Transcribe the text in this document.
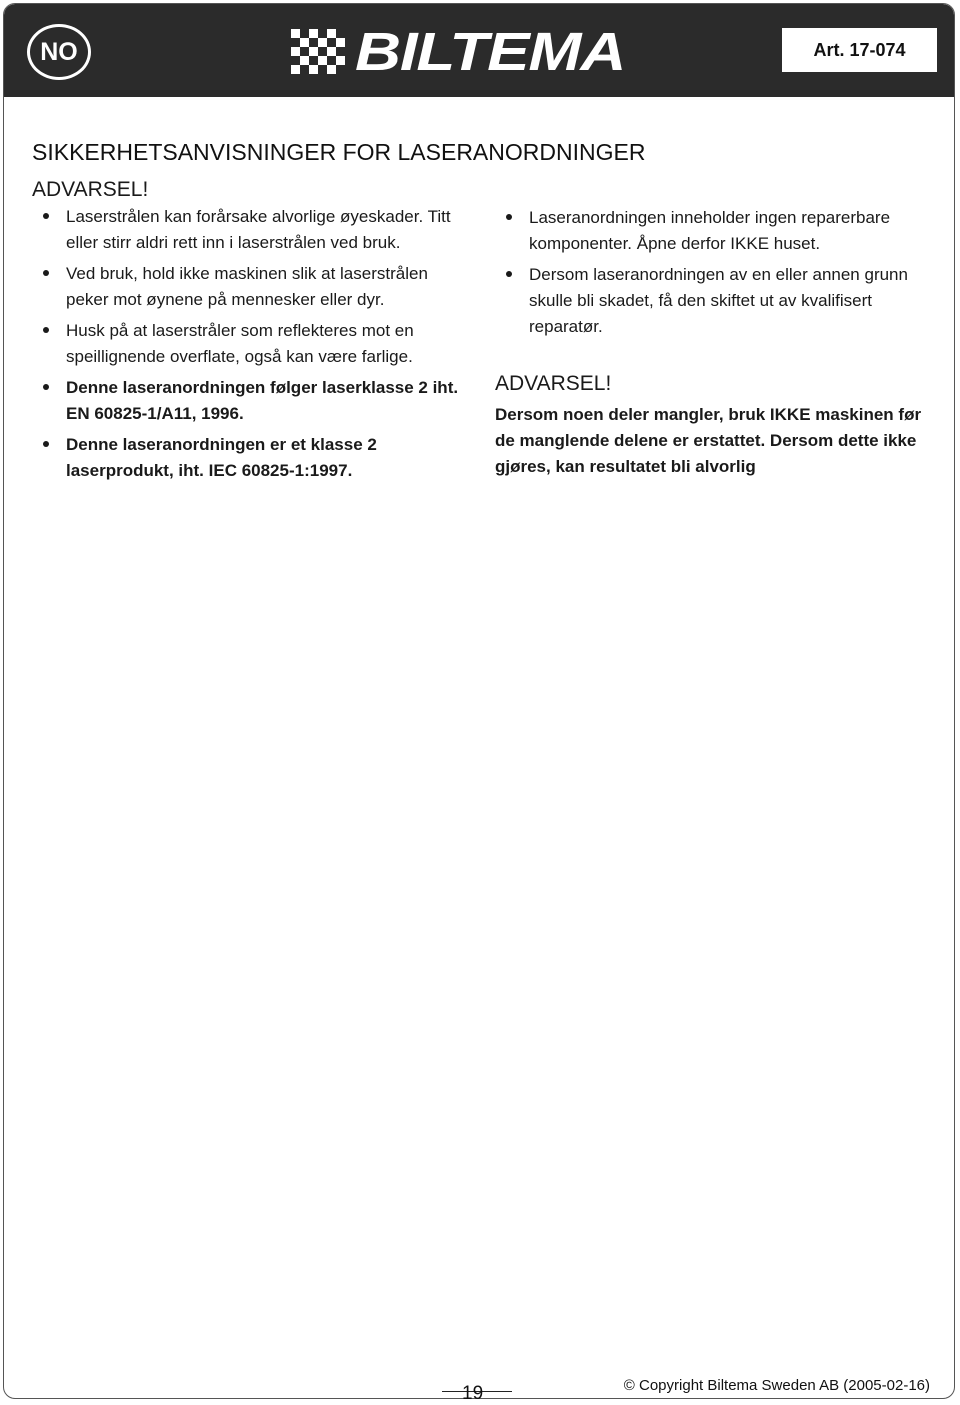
NO	BILTEMA	Art. 17-074
SIKKERHETSANVISNINGER FOR LASERANORDNINGER
ADVARSEL!
Laserstrålen kan forårsake alvorlige øyeskader. Titt eller stirr aldri rett inn i laserstrålen ved bruk.
Ved bruk, hold ikke maskinen slik at laserstrålen peker mot øynene på mennesker eller dyr.
Husk på at laserstråler som reflekteres mot en speillignende overflate, også kan være farlige.
Denne laseranordningen følger laserklasse 2 iht. EN 60825-1/A11, 1996.
Denne laseranordningen er et klasse 2 laserprodukt, iht. IEC 60825-1:1997.
Laseranordningen inneholder ingen reparerbare komponenter. Åpne derfor IKKE huset.
Dersom laseranordningen av en eller annen grunn skulle bli skadet, få den skiftet ut av kvalifisert reparatør.
ADVARSEL!
Dersom noen deler mangler, bruk IKKE maskinen før de manglende delene er erstattet. Dersom dette ikke gjøres, kan resultatet bli alvorlig
© Copyright Biltema Sweden AB (2005-02-16)
19
